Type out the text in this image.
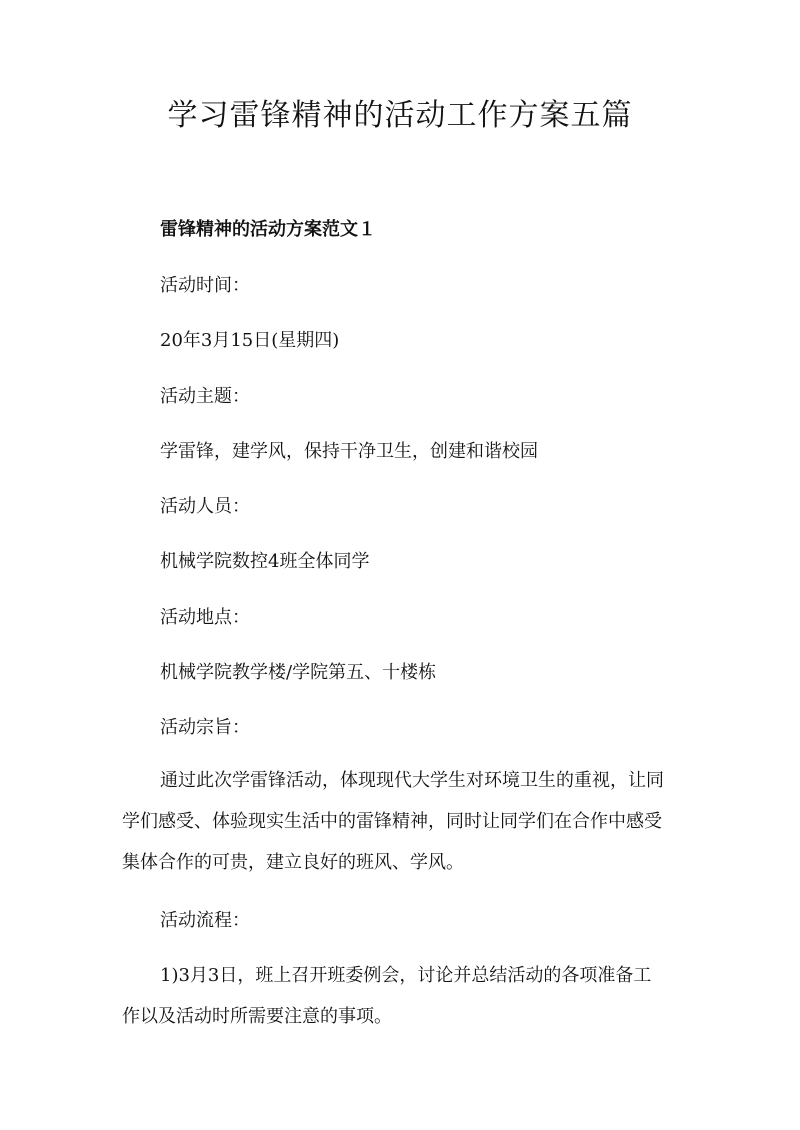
学习雷锋精神的活动工作方案五篇

雷锋精神的活动方案范文１

活动时间：

20年3月15日(星期四)

活动主题：

学雷锋，建学风，保持干净卫生，创建和谐校园

活动人员：

机械学院数控4班全体同学

活动地点：

机械学院教学楼/学院第五、十楼栋

活动宗旨：

通过此次学雷锋活动，体现现代大学生对环境卫生的重视，让同
学们感受、体验现实生活中的雷锋精神，同时让同学们在合作中感受
集体合作的可贵，建立良好的班风、学风。

活动流程：

1)3月3日，班上召开班委例会，讨论并总结活动的各项准备工
作以及活动时所需要注意的事项。
